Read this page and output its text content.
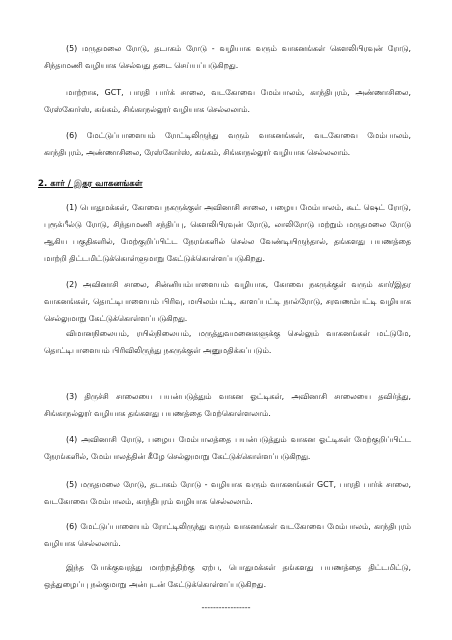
(5) மருதமலை ரோடு, தடாகம் ரோடு - வழியாக வரும் வாகனங்கள் கௌலிபிரவுன் ரோடு, சிந்தாமணி வழியாக செல்வது தடை செய்யப்படுகிறது.

மாற்றாக, GCT, பாரதி பார்க் சாலை, வடகோவை மேம்பாலம், காந்திபுரம், அண்ணாசிலை, ரேஸ்கோர்ஸ், கங்கம், சிங்காநல்லூர் வழியாக செல்லலாம்.

(6) மேட்டுப்பாளையம் ரோட்டிலிருந்து வரும் வாகனங்கள், வடகோவை மேம்பாலம், காந்திபுரம், அண்ணாசிலை, ரேஸ்கோர்ஸ், கங்கம், சிங்காநல்லூர் வழியாக செல்லலாம்.

2. கார் / இதர வாகனங்கள்

(1) பொதுமக்கள், கோவை நகருக்குள் அவினாசி சாலை, பழைய மேம்பாலம், கூட் ஷெட் ரோடு, புரூக்பீல்டு ரோடு, சிந்தாமணி சந்திப்பு, கௌலிபிரவுன் ரோடு, லாலிரோடு மற்றும் மருதமலை ரோடு ஆகிய பகுதிகளில், மேற்குறிப்பிட்ட நேரங்களில் செல்ல வேண்டியிருந்தால், தங்களது பயணத்தை மாற்றி திட்டமிட்டுக்கொள்ளுமாறு கேட்டுக்கொள்ளப்படுகிறது.

(2) அவினாசி சாலை, சின்னியம்பாளையம் வழியாக, கோவை நகருக்குள் வரும் கார்/இதர வாகனங்கள், தொட்டிபாளையம் பிரிவு, மயிலம்பட்டி, காளப்பட்டி நால்ரோடு, சரவணம்பட்டி வழியாக செல்லுமாறு கேட்டுக்கொள்ளப்படுகிறது.

விமானநிலையம், ரயில்நிலையம், மருத்துவமனைகளுக்கு செல்லும் வாகனங்கள் மட்டுமே, தொட்டிபாளையம் பிரிவிலிருந்து நகருக்குள் அனுமதிக்கப்படும்.

(3) திருச்சி சாலையை பயன்படுத்தும் வாகன ஓட்டிகள், அவினாசி சாலையை தவிர்த்து, சிங்காநல்லூர் வழியாக தங்களது பயணத்தை மேற்கொள்ளலாம்.

(4) அவினாசி ரோடு, பழைய மேம்பாலத்தை பயன்படுத்தும் வாகன ஓட்டிகள் மேற்குறிப்பிட்ட நேரங்களில், மேம்பாலத்தின் கீழே செல்லுமாறு கேட்டுக்கொள்ளப்படுகிறது.

(5) மருதமலை ரோடு, தடாகம் ரோடு - வழியாக வரும் வாகனங்கள் GCT, பாரதி பார்க் சாலை, வடகோவை மேம்பாலம், காந்திபுரம் வழியாக செல்லலாம்.

(6) மேட்டுப்பாளையம் ரோட்டிலிருந்து வரும் வாகனங்கள் வடகோவை மேம்பாலம், காந்திபுரம் வழியாக செல்லலாம்.

இந்த போக்குவரத்து மாற்றத்திற்கு ஏற்ப, பொதுமக்கள் தங்களது பயணத்தை திட்டமிட்டு, ஒத்துழைப்பு நல்குமாறு அன்புடன் கேட்டுக்கொள்ளப்படுகிறது.

-----------------
